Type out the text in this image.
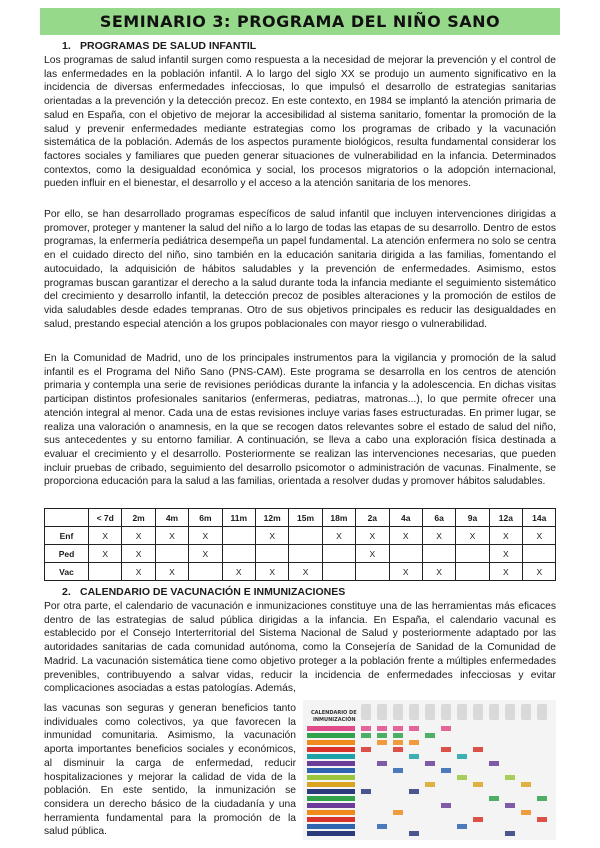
SEMINARIO 3: PROGRAMA DEL NIÑO SANO
1. PROGRAMAS DE SALUD INFANTIL

Los programas de salud infantil surgen como respuesta a la necesidad de mejorar la prevención y el control de las enfermedades en la población infantil. A lo largo del siglo XX se produjo un aumento significativo en la incidencia de diversas enfermedades infecciosas, lo que impulsó el desarrollo de estrategias sanitarias orientadas a la prevención y la detección precoz. En este contexto, en 1984 se implantó la atención primaria de salud en España, con el objetivo de mejorar la accesibilidad al sistema sanitario, fomentar la promoción de la salud y prevenir enfermedades mediante estrategias como los programas de cribado y la vacunación sistemática de la población. Además de los aspectos puramente biológicos, resulta fundamental considerar los factores sociales y familiares que pueden generar situaciones de vulnerabilidad en la infancia. Determinados contextos, como la desigualdad económica y social, los procesos migratorios o la adopción internacional, pueden influir en el bienestar, el desarrollo y el acceso a la atención sanitaria de los menores.

Por ello, se han desarrollado programas específicos de salud infantil que incluyen intervenciones dirigidas a promover, proteger y mantener la salud del niño a lo largo de todas las etapas de su desarrollo. Dentro de estos programas, la enfermería pediátrica desempeña un papel fundamental. La atención enfermera no solo se centra en el cuidado directo del niño, sino también en la educación sanitaria dirigida a las familias, fomentando el autocuidado, la adquisición de hábitos saludables y la prevención de enfermedades. Asimismo, estos programas buscan garantizar el derecho a la salud durante toda la infancia mediante el seguimiento sistemático del crecimiento y desarrollo infantil, la detección precoz de posibles alteraciones y la promoción de estilos de vida saludables desde edades tempranas. Otro de sus objetivos principales es reducir las desigualdades en salud, prestando especial atención a los grupos poblacionales con mayor riesgo o vulnerabilidad.

En la Comunidad de Madrid, uno de los principales instrumentos para la vigilancia y promoción de la salud infantil es el Programa del Niño Sano (PNS-CAM). Este programa se desarrolla en los centros de atención primaria y contempla una serie de revisiones periódicas durante la infancia y la adolescencia. En dichas visitas participan distintos profesionales sanitarios (enfermeras, pediatras, matronas...), lo que permite ofrecer una atención integral al menor. Cada una de estas revisiones incluye varias fases estructuradas. En primer lugar, se realiza una valoración o anamnesis, en la que se recogen datos relevantes sobre el estado de salud del niño, sus antecedentes y su entorno familiar. A continuación, se lleva a cabo una exploración física destinada a evaluar el crecimiento y el desarrollo. Posteriormente se realizan las intervenciones necesarias, que pueden incluir pruebas de cribado, seguimiento del desarrollo psicomotor o administración de vacunas. Finalmente, se proporciona educación para la salud a las familias, orientada a resolver dudas y promover hábitos saludables.

	< 7d	2m	4m	6m	11m	12m	15m	18m	2a	4a	6a	9a	12a	14a
Enf	X	X	X	X		X		X	X	X	X	X	X	X
Ped	X	X		X					X				X	
Vac		X	X		X	X	X			X	X		X	X
2. CALENDARIO DE VACUNACIÓN E INMUNIZACIONES

Por otra parte, el calendario de vacunación e inmunizaciones constituye una de las herramientas más eficaces dentro de las estrategias de salud pública dirigidas a la infancia. En España, el calendario vacunal es establecido por el Consejo Interterritorial del Sistema Nacional de Salud y posteriormente adaptado por las autoridades sanitarias de cada comunidad autónoma, como la Consejería de Sanidad de la Comunidad de Madrid. La vacunación sistemática tiene como objetivo proteger a la población frente a múltiples enfermedades prevenibles, contribuyendo a salvar vidas, reducir la incidencia de enfermedades infecciosas y evitar complicaciones asociadas a estas patologías. Además,

las vacunas son seguras y generan beneficios tanto individuales como colectivos, ya que favorecen la inmunidad comunitaria. Asimismo, la vacunación aporta importantes beneficios sociales y económicos, al disminuir la carga de enfermedad, reducir hospitalizaciones y mejorar la calidad de vida de la población. En este sentido, la inmunización se considera un derecho básico de la ciudadanía y una herramienta fundamental para la promoción de la salud pública.

CALENDARIO DE
INMUNIZACIÓN
